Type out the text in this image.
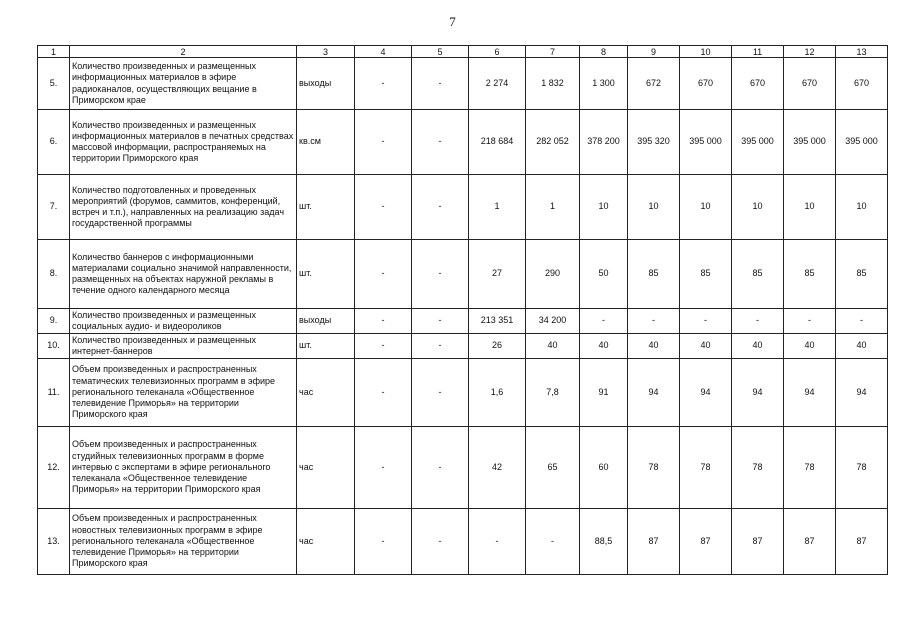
7
1	2	3	4	5	6	7	8	9	10	11	12	13
5.	Количество произведенных и размещенных информационных материалов в эфире радиоканалов, осуществляющих вещание в Приморском крае	выходы	-	-	2 274	1 832	1 300	672	670	670	670	670
6.	Количество произведенных и размещенных информационных материалов в печатных средствах массовой информации, распространяемых на территории Приморского края	кв.см	-	-	218 684	282 052	378 200	395 320	395 000	395 000	395 000	395 000
7.	Количество подготовленных и проведенных мероприятий (форумов, саммитов, конференций, встреч и т.п.), направленных на реализацию задач государственной программы	шт.	-	-	1	1	10	10	10	10	10	10
8.	Количество баннеров с информационными материалами социально значимой направленности, размещенных на объектах наружной рекламы в течение одного календарного месяца	шт.	-	-	27	290	50	85	85	85	85	85
9.	Количество произведенных и размещенных социальных аудио- и видеороликов	выходы	-	-	213 351	34 200	-	-	-	-	-	-
10.	Количество произведенных и размещенных интернет-баннеров	шт.	-	-	26	40	40	40	40	40	40	40
11.	Объем произведенных и распространенных тематических телевизионных программ в эфире регионального телеканала «Общественное телевидение Приморья» на территории Приморского края	час	-	-	1,6	7,8	91	94	94	94	94	94
12.	Объем произведенных и распространенных студийных телевизионных программ в форме интервью с экспертами в эфире регионального телеканала «Общественное телевидение Приморья» на территории Приморского края	час	-	-	42	65	60	78	78	78	78	78
13.	Объем произведенных и распространенных новостных телевизионных программ в эфире регионального телеканала «Общественное телевидение Приморья» на территории Приморского края	час	-	-	-	-	88,5	87	87	87	87	87
